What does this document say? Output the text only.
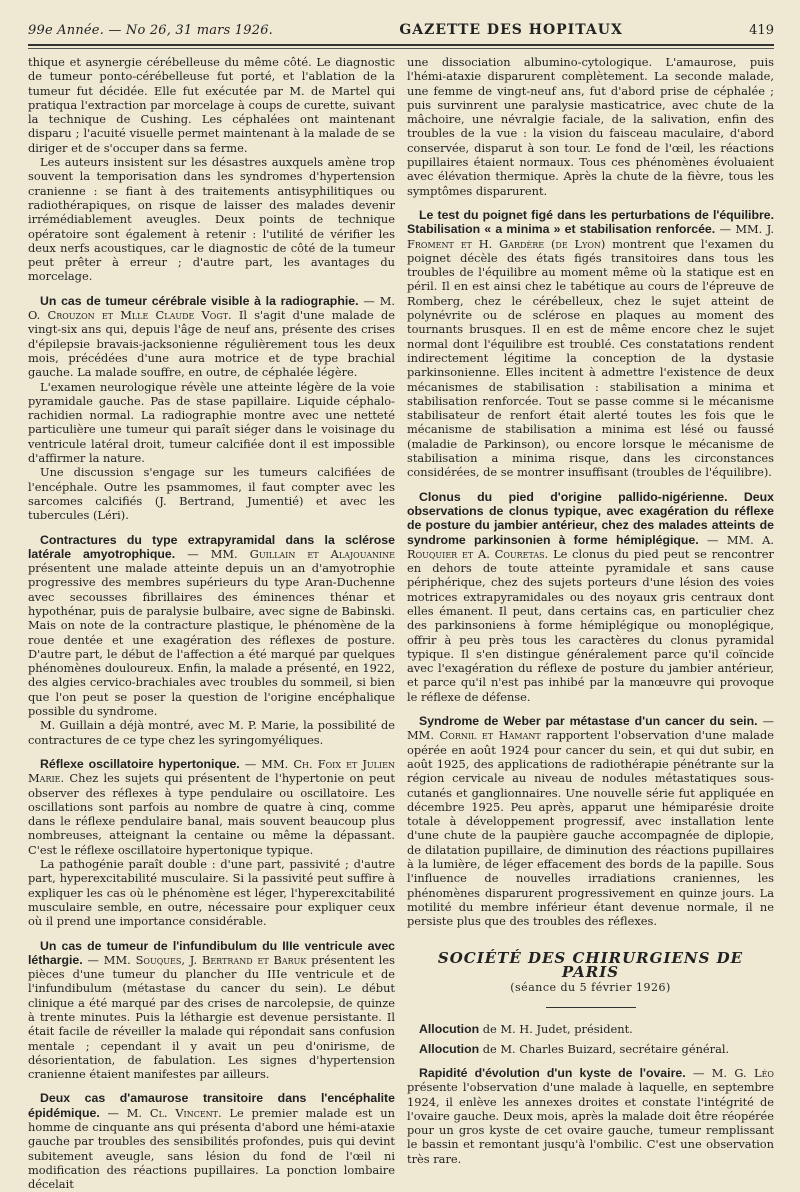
99e Année. — No 26, 31 mars 1926.	GAZETTE DES HOPITAUX	419

thique et asynergie cérébelleuse du même côté. Le diagnostic de tumeur ponto-cérébelleuse fut porté, et l'ablation de la tumeur fut décidée. Elle fut exécutée par M. de Martel qui pratiqua l'extraction par morcelage à coups de curette, suivant la technique de Cushing. Les céphalées ont maintenant disparu ; l'acuité visuelle permet maintenant à la malade de se diriger et de s'occuper dans sa ferme.

Les auteurs insistent sur les désastres auxquels amène trop souvent la temporisation dans les syndromes d'hypertension cranienne : se fiant à des traitements antisyphilitiques ou radiothérapiques, on risque de laisser des malades devenir irrémédiablement aveugles. Deux points de technique opératoire sont également à retenir : l'utilité de vérifier les deux nerfs acoustiques, car le diagnostic de côté de la tumeur peut prêter à erreur ; d'autre part, les avantages du morcelage.

Un cas de tumeur cérébrale visible à la radiographie. — M. O. Crouzon et Mlle Claude Vogt. Il s'agit d'une malade de vingt-six ans qui, depuis l'âge de neuf ans, présente des crises d'épilepsie bravais-jacksonienne régulièrement tous les deux mois, précédées d'une aura motrice et de type brachial gauche. La malade souffre, en outre, de céphalée légère.

L'examen neurologique révèle une atteinte légère de la voie pyramidale gauche. Pas de stase papillaire. Liquide céphalo-rachidien normal. La radiographie montre avec une netteté particulière une tumeur qui paraît siéger dans le voisinage du ventricule latéral droit, tumeur calcifiée dont il est impossible d'affirmer la nature.

Une discussion s'engage sur les tumeurs calcifiées de l'encéphale. Outre les psammomes, il faut compter avec les sarcomes calcifiés (J. Bertrand, Jumentié) et avec les tubercules (Léri).

Contractures du type extrapyramidal dans la sclérose latérale amyotrophique. — MM. Guillain et Alajouanine présentent une malade atteinte depuis un an d'amyotrophie progressive des membres supérieurs du type Aran-Duchenne avec secousses fibrillaires des éminences thénar et hypothénar, puis de paralysie bulbaire, avec signe de Babinski. Mais on note de la contracture plastique, le phénomène de la roue dentée et une exagération des réflexes de posture. D'autre part, le début de l'affection a été marqué par quelques phénomènes douloureux. Enfin, la malade a présenté, en 1922, des algies cervico-brachiales avec troubles du sommeil, si bien que l'on peut se poser la question de l'origine encéphalique possible du syndrome.

M. Guillain a déjà montré, avec M. P. Marie, la possibilité de contractures de ce type chez les syringomyéliques.

Réflexe oscillatoire hypertonique. — MM. Ch. Foix et Julien Marie. Chez les sujets qui présentent de l'hypertonie on peut observer des réflexes à type pendulaire ou oscillatoire. Les oscillations sont parfois au nombre de quatre à cinq, comme dans le réflexe pendulaire banal, mais souvent beaucoup plus nombreuses, atteignant la centaine ou même la dépassant. C'est le réflexe oscillatoire hypertonique typique.

La pathogénie paraît double : d'une part, passivité ; d'autre part, hyperexcitabilité musculaire. Si la passivité peut suffire à expliquer les cas où le phénomène est léger, l'hyperexcitabilité musculaire semble, en outre, nécessaire pour expliquer ceux où il prend une importance considérable.

Un cas de tumeur de l'infundibulum du IIIe ventricule avec léthargie. — MM. Souques, J. Bertrand et Baruk présentent les pièces d'une tumeur du plancher du IIIe ventricule et de l'infundibulum (métastase du cancer du sein). Le début clinique a été marqué par des crises de narcolepsie, de quinze à trente minutes. Puis la léthargie est devenue persistante. Il était facile de réveiller la malade qui répondait sans confusion mentale ; cependant il y avait un peu d'onirisme, de désorientation, de fabulation. Les signes d'hypertension cranienne étaient manifestes par ailleurs.

Deux cas d'amaurose transitoire dans l'encéphalite épidémique. — M. Cl. Vincent. Le premier malade est un homme de cinquante ans qui présenta d'abord une hémi-ataxie gauche par troubles des sensibilités profondes, puis qui devint subitement aveugle, sans lésion du fond de l'œil ni modification des réactions pupillaires. La ponction lombaire décelait

une dissociation albumino-cytologique. L'amaurose, puis l'hémi-ataxie disparurent complètement. La seconde malade, une femme de vingt-neuf ans, fut d'abord prise de céphalée ; puis survinrent une paralysie masticatrice, avec chute de la mâchoire, une névralgie faciale, de la salivation, enfin des troubles de la vue : la vision du faisceau maculaire, d'abord conservée, disparut à son tour. Le fond de l'œil, les réactions pupillaires étaient normaux. Tous ces phénomènes évoluaient avec élévation thermique. Après la chute de la fièvre, tous les symptômes disparurent.

Le test du poignet figé dans les perturbations de l'équilibre. Stabilisation « a minima » et stabilisation renforcée. — MM. J. Froment et H. Gardère (de Lyon) montrent que l'examen du poignet décèle des états figés transitoires dans tous les troubles de l'équilibre au moment même où la statique est en péril. Il en est ainsi chez le tabétique au cours de l'épreuve de Romberg, chez le cérébelleux, chez le sujet atteint de polynévrite ou de sclérose en plaques au moment des tournants brusques. Il en est de même encore chez le sujet normal dont l'équilibre est troublé. Ces constatations rendent indirectement légitime la conception de la dystasie parkinsonienne. Elles incitent à admettre l'existence de deux mécanismes de stabilisation : stabilisation a minima et stabilisation renforcée. Tout se passe comme si le mécanisme stabilisateur de renfort était alerté toutes les fois que le mécanisme de stabilisation a minima est lésé ou faussé (maladie de Parkinson), ou encore lorsque le mécanisme de stabilisation a minima risque, dans les circonstances considérées, de se montrer insuffisant (troubles de l'équilibre).

Clonus du pied d'origine pallido-nigérienne. Deux observations de clonus typique, avec exagération du réflexe de posture du jambier antérieur, chez des malades atteints de syndrome parkinsonien à forme hémiplégique. — MM. A. Rouquier et A. Couretas. Le clonus du pied peut se rencontrer en dehors de toute atteinte pyramidale et sans cause périphérique, chez des sujets porteurs d'une lésion des voies motrices extrapyramidales ou des noyaux gris centraux dont elles émanent. Il peut, dans certains cas, en particulier chez des parkinsoniens à forme hémiplégique ou monoplégique, offrir à peu près tous les caractères du clonus pyramidal typique. Il s'en distingue généralement parce qu'il coïncide avec l'exagération du réflexe de posture du jambier antérieur, et parce qu'il n'est pas inhibé par la manœuvre qui provoque le réflexe de défense.

Syndrome de Weber par métastase d'un cancer du sein. — MM. Cornil et Hamant rapportent l'observation d'une malade opérée en août 1924 pour cancer du sein, et qui dut subir, en août 1925, des applications de radiothérapie pénétrante sur la région cervicale au niveau de nodules métastatiques sous-cutanés et ganglionnaires. Une nouvelle série fut appliquée en décembre 1925. Peu après, apparut une hémiparésie droite totale à développement progressif, avec installation lente d'une chute de la paupière gauche accompagnée de diplopie, de dilatation pupillaire, de diminution des réactions pupillaires à la lumière, de léger effacement des bords de la papille. Sous l'influence de nouvelles irradiations craniennes, les phénomènes disparurent progressivement en quinze jours. La motilité du membre inférieur étant devenue normale, il ne persiste plus que des troubles des réflexes.

SOCIÉTÉ DES CHIRURGIENS DE PARIS
(séance du 5 février 1926)

Allocution de M. H. Judet, président.

Allocution de M. Charles Buizard, secrétaire général.

Rapidité d'évolution d'un kyste de l'ovaire. — M. G. Léo présente l'observation d'une malade à laquelle, en septembre 1924, il enlève les annexes droites et constate l'intégrité de l'ovaire gauche. Deux mois, après la malade doit être réopérée pour un gros kyste de cet ovaire gauche, tumeur remplissant le bassin et remontant jusqu'à l'ombilic. C'est une observation très rare.
